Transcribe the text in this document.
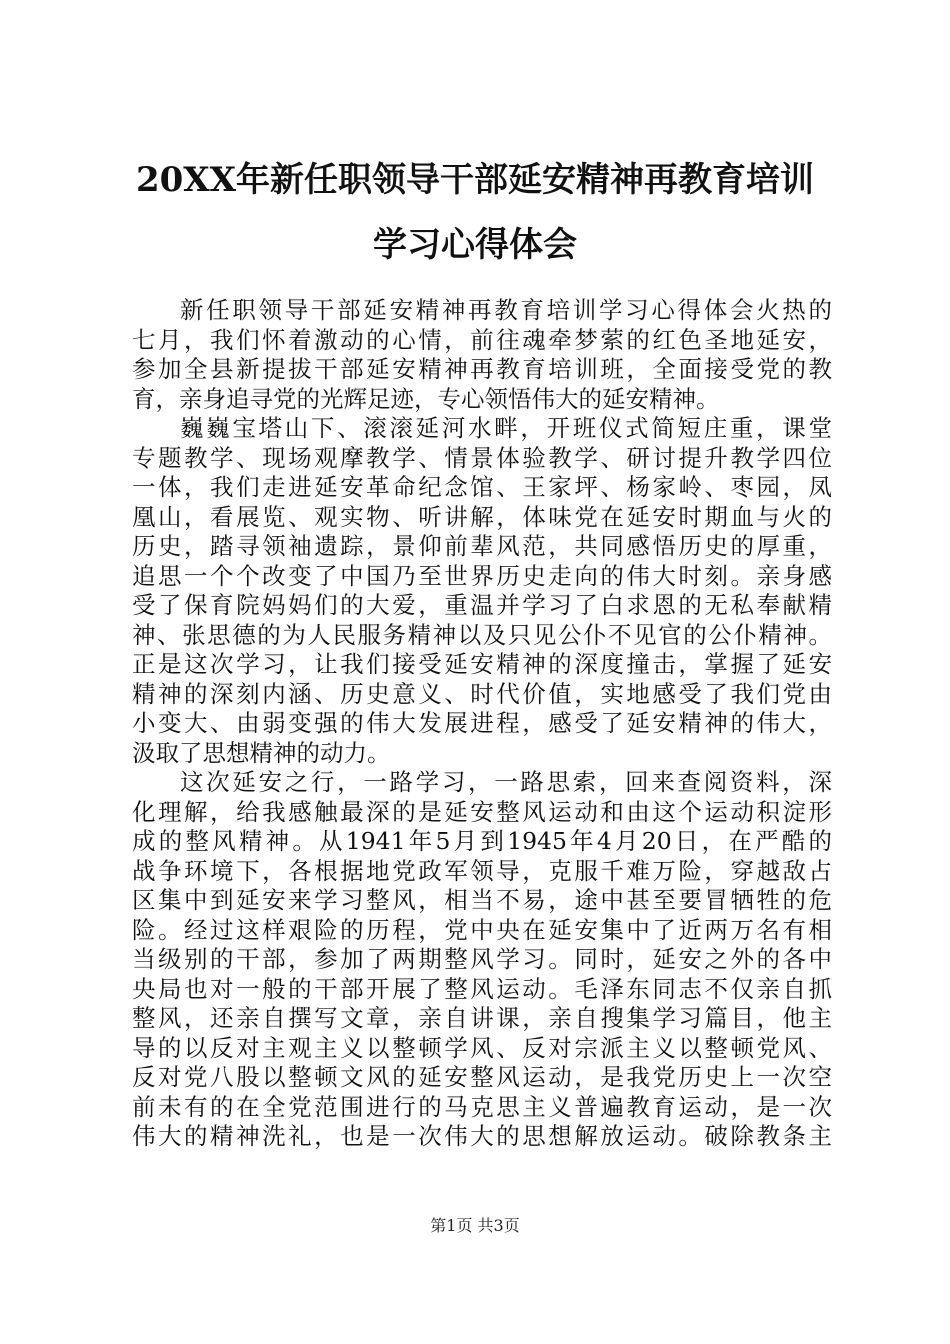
20XX年新任职领导干部延安精神再教育培训
学习心得体会
新任职领导干部延安精神再教育培训学习心得体会火热的
七月，我们怀着激动的心情，前往魂牵梦萦的红色圣地延安，
参加全县新提拔干部延安精神再教育培训班，全面接受党的教
育，亲身追寻党的光辉足迹，专心领悟伟大的延安精神。
巍巍宝塔山下、滚滚延河水畔，开班仪式简短庄重，课堂
专题教学、现场观摩教学、情景体验教学、研讨提升教学四位
一体，我们走进延安革命纪念馆、王家坪、杨家岭、枣园，凤
凰山，看展览、观实物、听讲解，体味党在延安时期血与火的
历史，踏寻领袖遗踪，景仰前辈风范，共同感悟历史的厚重，
追思一个个改变了中国乃至世界历史走向的伟大时刻。亲身感
受了保育院妈妈们的大爱，重温并学习了白求恩的无私奉献精
神、张思德的为人民服务精神以及只见公仆不见官的公仆精神。
正是这次学习，让我们接受延安精神的深度撞击，掌握了延安
精神的深刻内涵、历史意义、时代价值，实地感受了我们党由
小变大、由弱变强的伟大发展进程，感受了延安精神的伟大，
汲取了思想精神的动力。
这次延安之行，一路学习，一路思索，回来查阅资料，深
化理解，给我感触最深的是延安整风运动和由这个运动积淀形
成的整风精神。从1941年5月到1945年4月20日，在严酷的
战争环境下，各根据地党政军领导，克服千难万险，穿越敌占
区集中到延安来学习整风，相当不易，途中甚至要冒牺牲的危
险。经过这样艰险的历程，党中央在延安集中了近两万名有相
当级别的干部，参加了两期整风学习。同时，延安之外的各中
央局也对一般的干部开展了整风运动。毛泽东同志不仅亲自抓
整风，还亲自撰写文章，亲自讲课，亲自搜集学习篇目，他主
导的以反对主观主义以整顿学风、反对宗派主义以整顿党风、
反对党八股以整顿文风的延安整风运动，是我党历史上一次空
前未有的在全党范围进行的马克思主义普遍教育运动，是一次
伟大的精神洗礼，也是一次伟大的思想解放运动。破除教条主
第1页 共3页
